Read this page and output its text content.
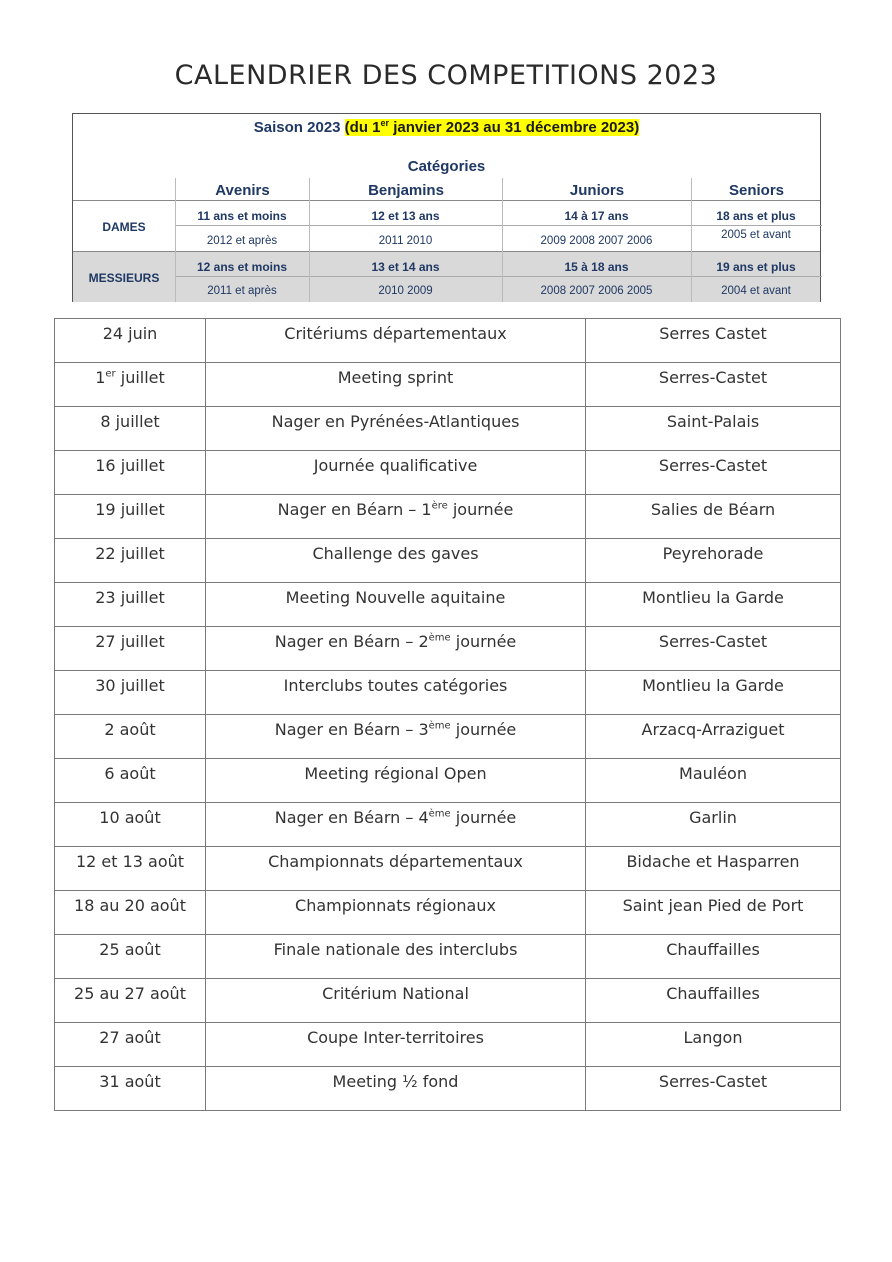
CALENDRIER DES COMPETITIONS 2023
Saison 2023 (du 1er janvier 2023 au 31 décembre 2023)
Catégories
Avenirs	Benjamins	Juniors	Seniors
DAMES
11 ans et moins	12 et 13 ans	14 à 17 ans	18 ans et plus
2012 et après	2011 2010	2009 2008 2007 2006	2005 et avant
MESSIEURS
12 ans et moins	13 et 14 ans	15 à 18 ans	19 ans et plus
2011 et après	2010 2009	2008 2007 2006 2005	2004 et avant
24 juin	Critériums départementaux	Serres Castet
1er juillet	Meeting sprint	Serres-Castet
8 juillet	Nager en Pyrénées-Atlantiques	Saint-Palais
16 juillet	Journée qualificative	Serres-Castet
19 juillet	Nager en Béarn – 1ère journée	Salies de Béarn
22 juillet	Challenge des gaves	Peyrehorade
23 juillet	Meeting Nouvelle aquitaine	Montlieu la Garde
27 juillet	Nager en Béarn – 2ème journée	Serres-Castet
30 juillet	Interclubs toutes catégories	Montlieu la Garde
2 août	Nager en Béarn – 3ème journée	Arzacq-Arraziguet
6 août	Meeting régional Open	Mauléon
10 août	Nager en Béarn – 4ème journée	Garlin
12 et 13 août	Championnats départementaux	Bidache et Hasparren
18 au 20 août	Championnats régionaux	Saint jean Pied de Port
25 août	Finale nationale des interclubs	Chauffailles
25 au 27 août	Critérium National	Chauffailles
27 août	Coupe Inter-territoires	Langon
31 août	Meeting ½ fond	Serres-Castet
